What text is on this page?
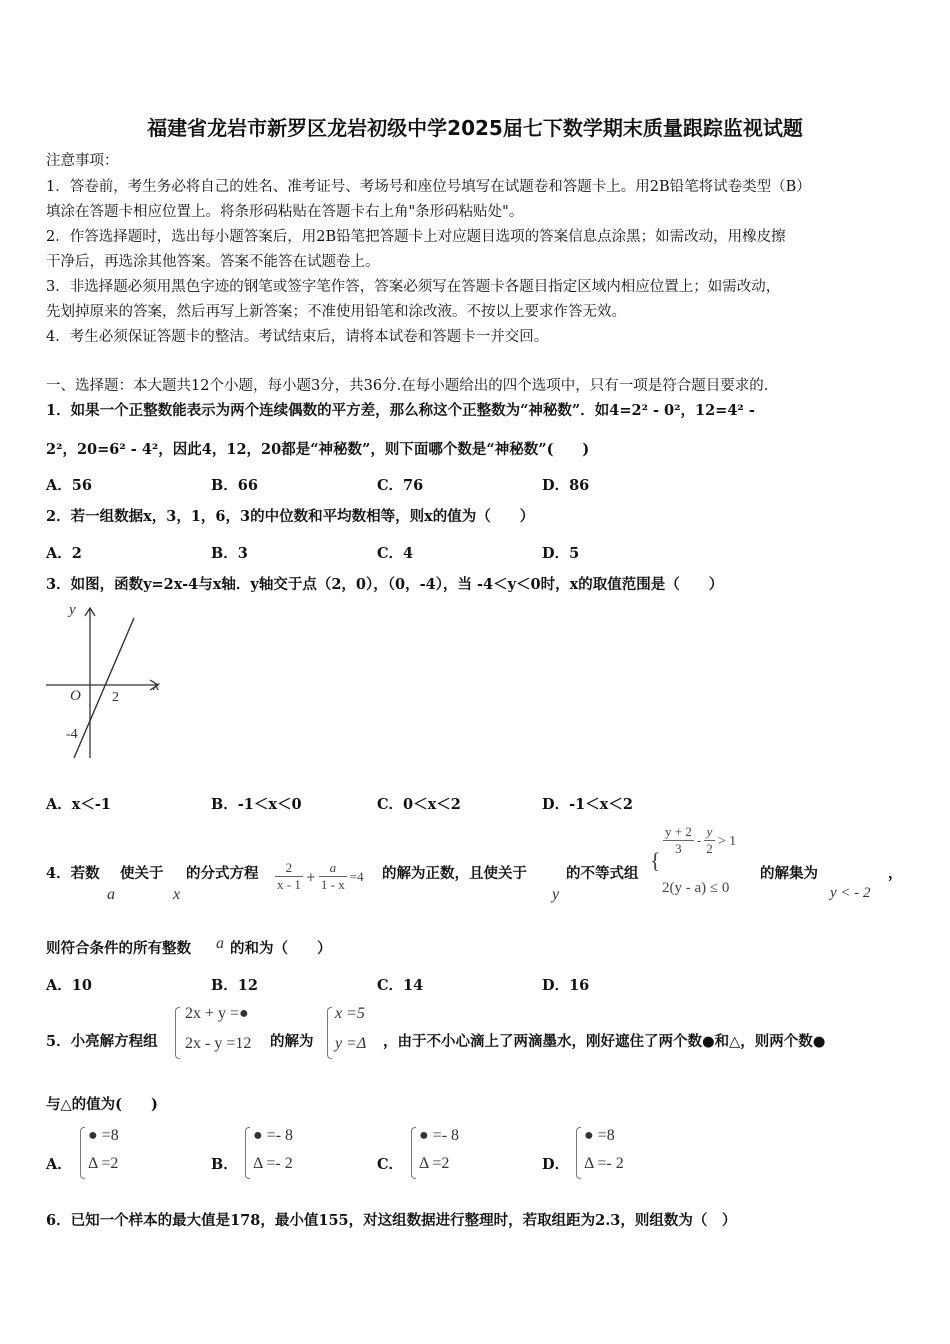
福建省龙岩市新罗区龙岩初级中学2025届七下数学期末质量跟踪监视试题
注意事项：
1．答卷前，考生务必将自己的姓名、准考证号、考场号和座位号填写在试题卷和答题卡上。用2B铅笔将试卷类型（B）
填涂在答题卡相应位置上。将条形码粘贴在答题卡右上角"条形码粘贴处"。
2．作答选择题时，选出每小题答案后，用2B铅笔把答题卡上对应题目选项的答案信息点涂黑；如需改动，用橡皮擦
干净后，再选涂其他答案。答案不能答在试题卷上。
3．非选择题必须用黑色字迹的钢笔或签字笔作答，答案必须写在答题卡各题目指定区域内相应位置上；如需改动，
先划掉原来的答案，然后再写上新答案；不准使用铅笔和涂改液。不按以上要求作答无效。
4．考生必须保证答题卡的整洁。考试结束后，请将本试卷和答题卡一并交回。
一、选择题：本大题共12个小题，每小题3分，共36分.在每小题给出的四个选项中，只有一项是符合题目要求的.
1．如果一个正整数能表示为两个连续偶数的平方差，那么称这个正整数为“神秘数”．如4=2² - 0²，12=4² -
2²，20=6² - 4²，因此4，12，20都是“神秘数”，则下面哪个数是“神秘数”(　　)
A．56	B．66	C．76	D．86
2．若一组数据x，3，1，6，3的中位数和平均数相等，则x的值为（　　）
A．2	B．3	C．4	D．5
3．如图，函数y=2x-4与x轴．y轴交于点（2，0），（0，-4），当 -4＜y＜0时，x的取值范围是（　　）
y
x
O 2
-4
A．x＜-1	B．-1＜x＜0	C．0＜x＜2	D．-1＜x＜2
4．若数
a
使关于
x
的分式方程 $\frac{2}{x - 1} + \frac{a}{1 - x} =4$ 的解为正数，且使关于
y
的不等式组
{
$\frac{y + 2}{3} - \frac{y}{2} > 1$
2(y - a) ≤ 0
的解集为
y < - 2
，
则符合条件的所有整数 a 的和为（　　）
A．10	B．12	C．14	D．16
5．小亮解方程组
2x + y =●
2x - y =12 的解为
x =5
y =Δ ，由于不小心滴上了两滴墨水，刚好遮住了两个数●和△，则两个数●
与△的值为(　　)
A．
● =8
Δ =2	B．
● =- 8
Δ =- 2	C．
● =- 8
Δ =2	D．
● =8
Δ =- 2
6．已知一个样本的最大值是178，最小值155，对这组数据进行整理时，若取组距为2.3，则组数为（　）
